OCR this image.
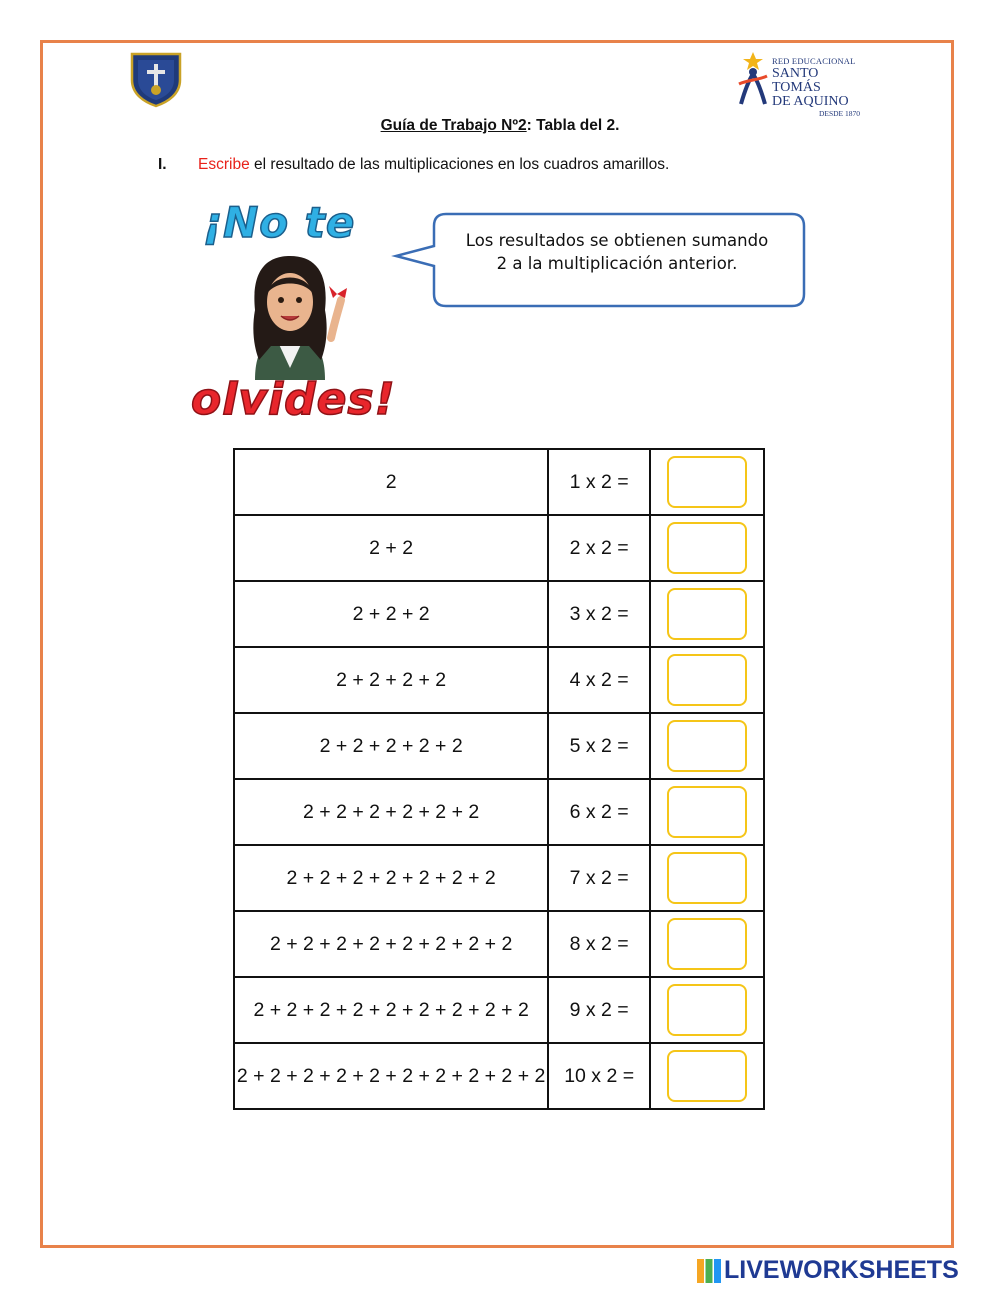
RED EDUCACIONAL
SANTO TOMÁS
DE AQUINO
DESDE 1870
Guía de Trabajo Nº2: Tabla del 2.
I. Escribe el resultado de las multiplicaciones en los cuadros amarillos.
¡No te
olvides!
Los resultados se obtienen sumando
2 a la multiplicación anterior.
2	1 x 2 =	
2 + 2	2 x 2 =	
2 + 2 + 2	3 x 2 =	
2 + 2 + 2 + 2	4 x 2 =	
2 + 2 + 2 + 2 + 2	5 x 2 =	
2 + 2 + 2 + 2 + 2 + 2	6 x 2 =	
2 + 2 + 2 + 2 + 2 + 2 + 2	7 x 2 =	
2 + 2 + 2 + 2 + 2 + 2 + 2 + 2	8 x 2 =	
2 + 2 + 2 + 2 + 2 + 2 + 2 + 2 + 2	9 x 2 =	
2 + 2 + 2 + 2 + 2 + 2 + 2 + 2 + 2 + 2	10 x 2 =	
LIVEWORKSHEETS
